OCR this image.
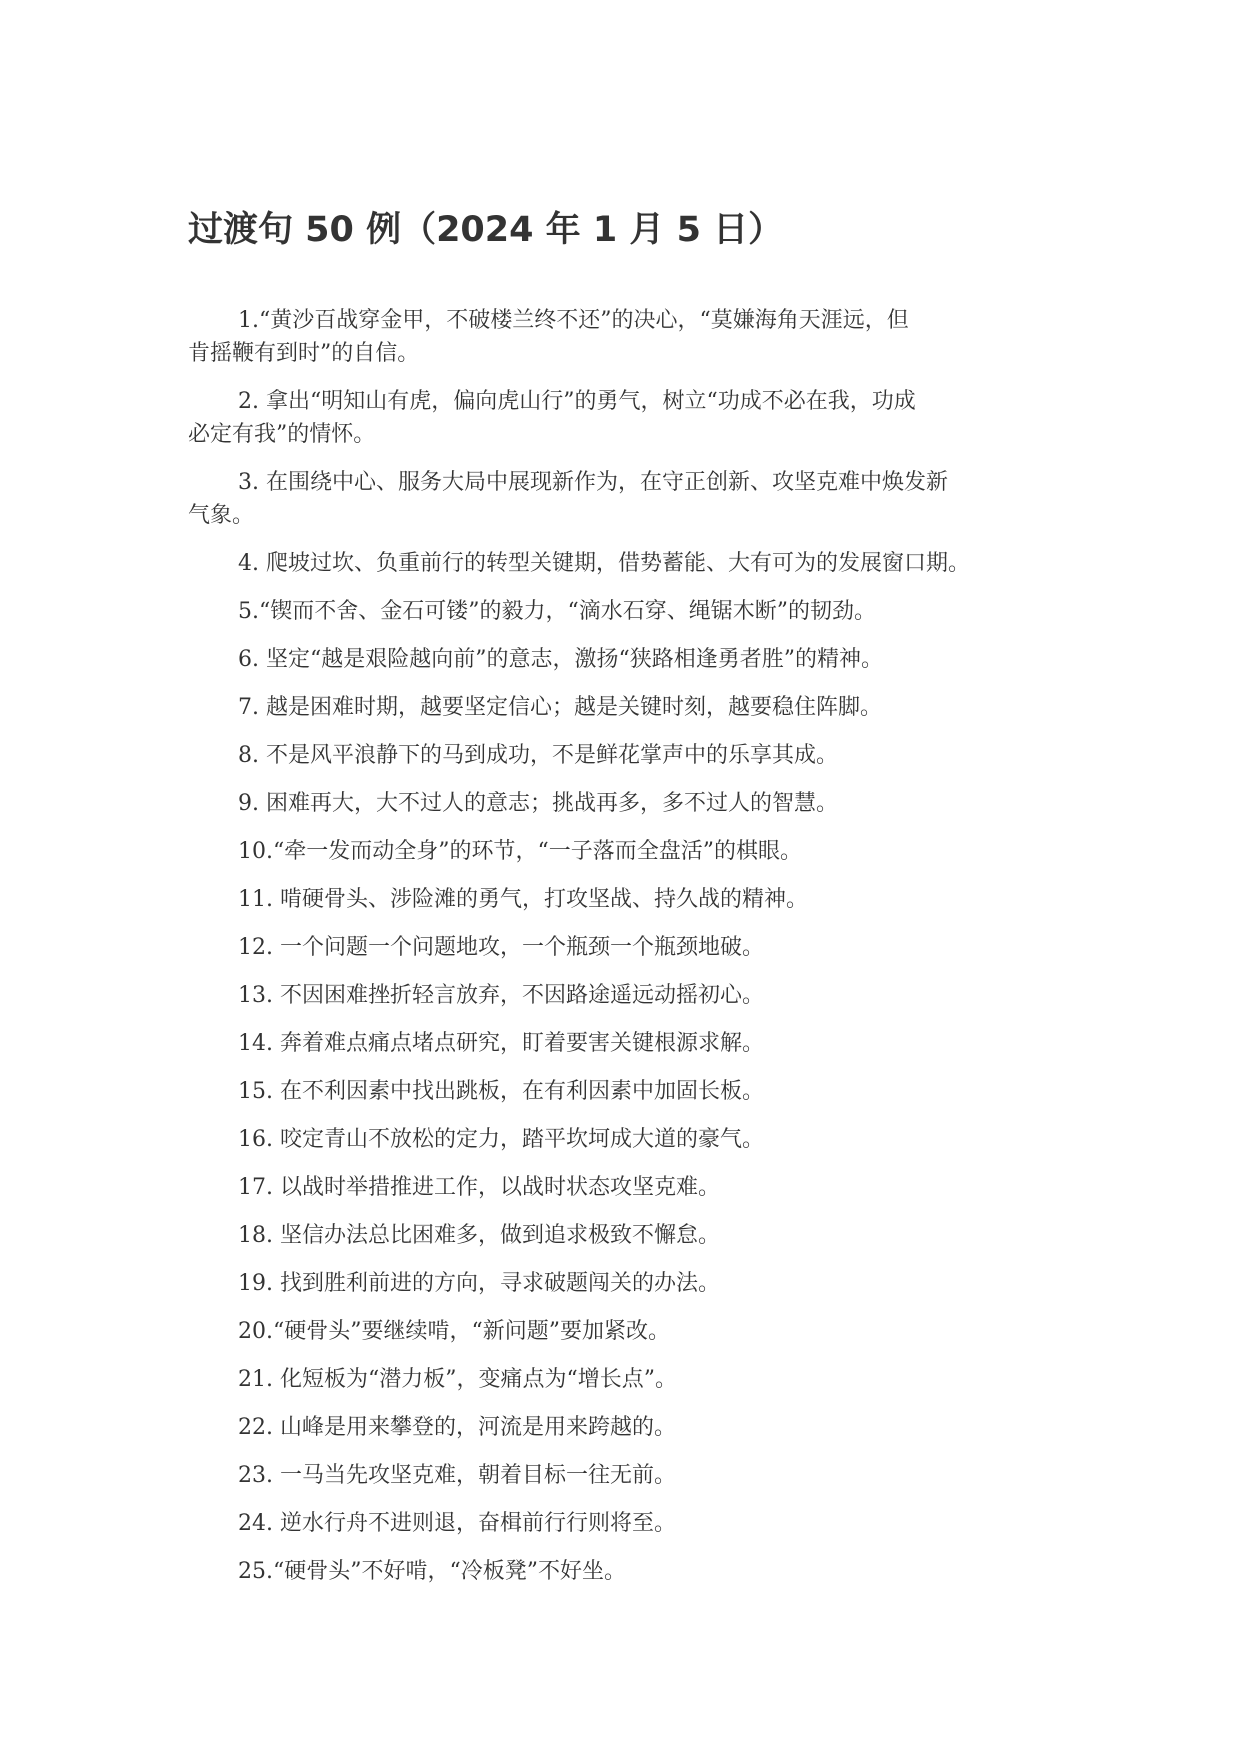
过渡句 50 例（2024 年 1 月 5 日）

1.“黄沙百战穿金甲，不破楼兰终不还”的决心，“莫嫌海角天涯远，但
肯摇鞭有到时”的自信。

2. 拿出“明知山有虎，偏向虎山行”的勇气，树立“功成不必在我，功成
必定有我”的情怀。

3. 在围绕中心、服务大局中展现新作为，在守正创新、攻坚克难中焕发新
气象。

4. 爬坡过坎、负重前行的转型关键期，借势蓄能、大有可为的发展窗口期。

5.“锲而不舍、金石可镂”的毅力，“滴水石穿、绳锯木断”的韧劲。

6. 坚定“越是艰险越向前”的意志，激扬“狭路相逢勇者胜”的精神。

7. 越是困难时期，越要坚定信心；越是关键时刻，越要稳住阵脚。

8. 不是风平浪静下的马到成功，不是鲜花掌声中的乐享其成。

9. 困难再大，大不过人的意志；挑战再多，多不过人的智慧。

10.“牵一发而动全身”的环节，“一子落而全盘活”的棋眼。

11. 啃硬骨头、涉险滩的勇气，打攻坚战、持久战的精神。

12. 一个问题一个问题地攻，一个瓶颈一个瓶颈地破。

13. 不因困难挫折轻言放弃，不因路途遥远动摇初心。

14. 奔着难点痛点堵点研究，盯着要害关键根源求解。

15. 在不利因素中找出跳板，在有利因素中加固长板。

16. 咬定青山不放松的定力，踏平坎坷成大道的豪气。

17. 以战时举措推进工作，以战时状态攻坚克难。

18. 坚信办法总比困难多，做到追求极致不懈怠。

19. 找到胜利前进的方向，寻求破题闯关的办法。

20.“硬骨头”要继续啃，“新问题”要加紧改。

21. 化短板为“潜力板”，变痛点为“增长点”。

22. 山峰是用来攀登的，河流是用来跨越的。

23. 一马当先攻坚克难，朝着目标一往无前。

24. 逆水行舟不进则退，奋楫前行行则将至。

25.“硬骨头”不好啃，“冷板凳”不好坐。
